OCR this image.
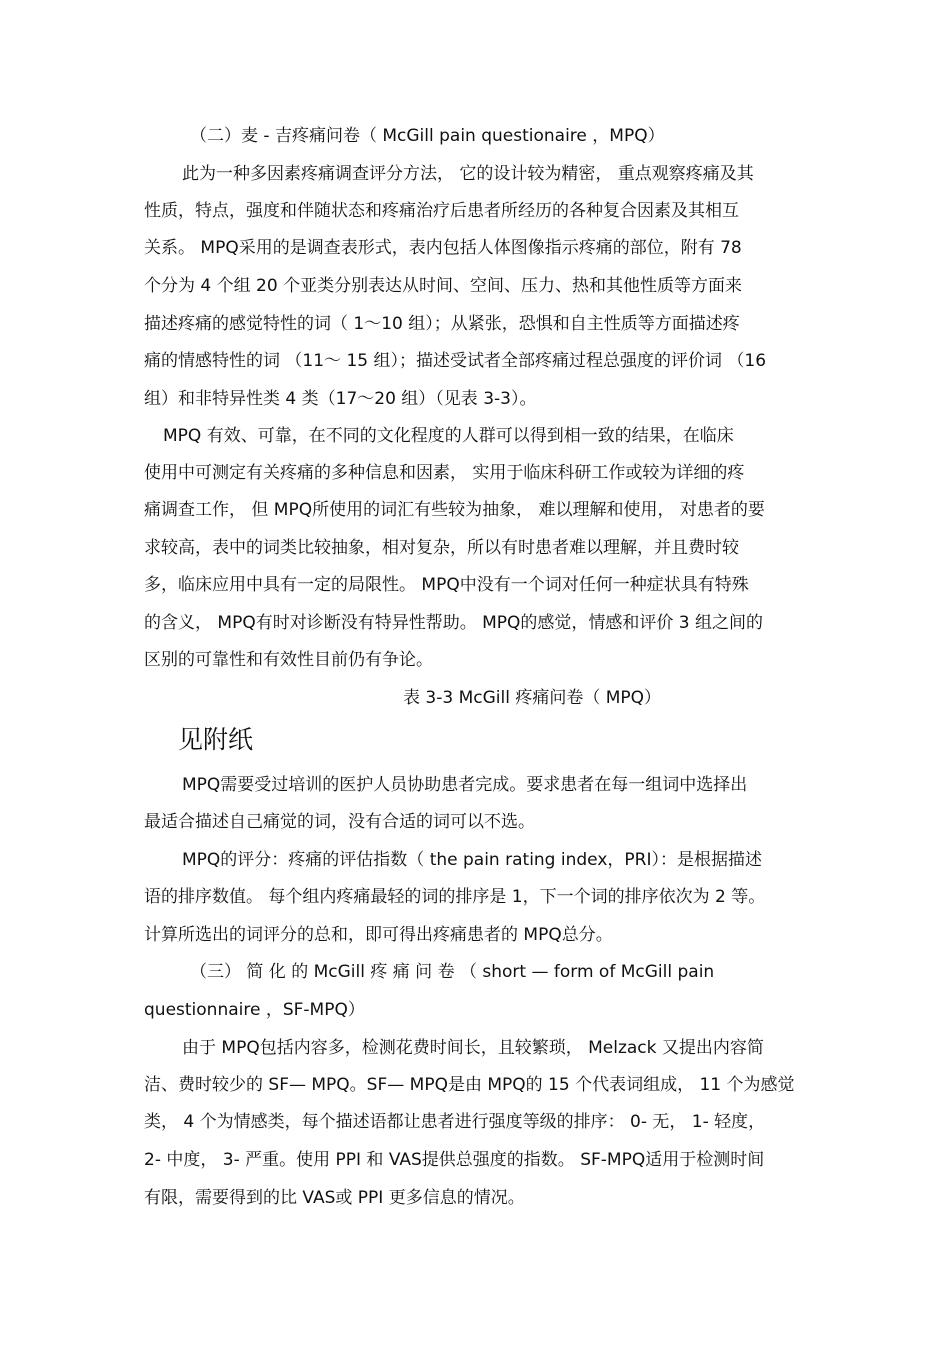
（二）麦 - 吉疼痛问卷（ McGill pain questionaire ，MPQ）
此为一种多因素疼痛调查评分方法， 它的设计较为精密， 重点观察疼痛及其
性质，特点，强度和伴随状态和疼痛治疗后患者所经历的各种复合因素及其相互
关系。 MPQ采用的是调查表形式，表内包括人体图像指示疼痛的部位，附有 78
个分为 4 个组 20 个亚类分别表达从时间、空间、压力、热和其他性质等方面来
描述疼痛的感觉特性的词（ 1～10 组）；从紧张，恐惧和自主性质等方面描述疼
痛的情感特性的词 （11～ 15 组）；描述受试者全部疼痛过程总强度的评价词 （16
组）和非特异性类 4 类（17～20 组）（见表 3-3）。
MPQ 有效、可靠，在不同的文化程度的人群可以得到相一致的结果，在临床
使用中可测定有关疼痛的多种信息和因素， 实用于临床科研工作或较为详细的疼
痛调查工作， 但 MPQ所使用的词汇有些较为抽象， 难以理解和使用， 对患者的要
求较高，表中的词类比较抽象，相对复杂，所以有时患者难以理解，并且费时较
多，临床应用中具有一定的局限性。 MPQ中没有一个词对任何一种症状具有特殊
的含义， MPQ有时对诊断没有特异性帮助。 MPQ的感觉，情感和评价 3 组之间的
区别的可靠性和有效性目前仍有争论。
表 3-3 McGill 疼痛问卷（ MPQ）
见附纸
MPQ需要受过培训的医护人员协助患者完成。要求患者在每一组词中选择出
最适合描述自己痛觉的词，没有合适的词可以不选。
MPQ的评分：疼痛的评估指数（ the pain rating index，PRI）：是根据描述
语的排序数值。 每个组内疼痛最轻的词的排序是 1，下一个词的排序依次为 2 等。
计算所选出的词评分的总和，即可得出疼痛患者的 MPQ总分。
（三） 简 化 的 McGill 疼 痛 问 卷 （ short — form of McGill pain
questionnaire ，SF-MPQ）
由于 MPQ包括内容多，检测花费时间长，且较繁琐， Melzack 又提出内容简
洁、费时较少的 SF— MPQ。SF— MPQ是由 MPQ的 15 个代表词组成， 11 个为感觉
类， 4 个为情感类，每个描述语都让患者进行强度等级的排序： 0- 无， 1- 轻度，
2- 中度， 3- 严重。使用 PPI 和 VAS提供总强度的指数。 SF-MPQ适用于检测时间
有限，需要得到的比 VAS或 PPI 更多信息的情况。
